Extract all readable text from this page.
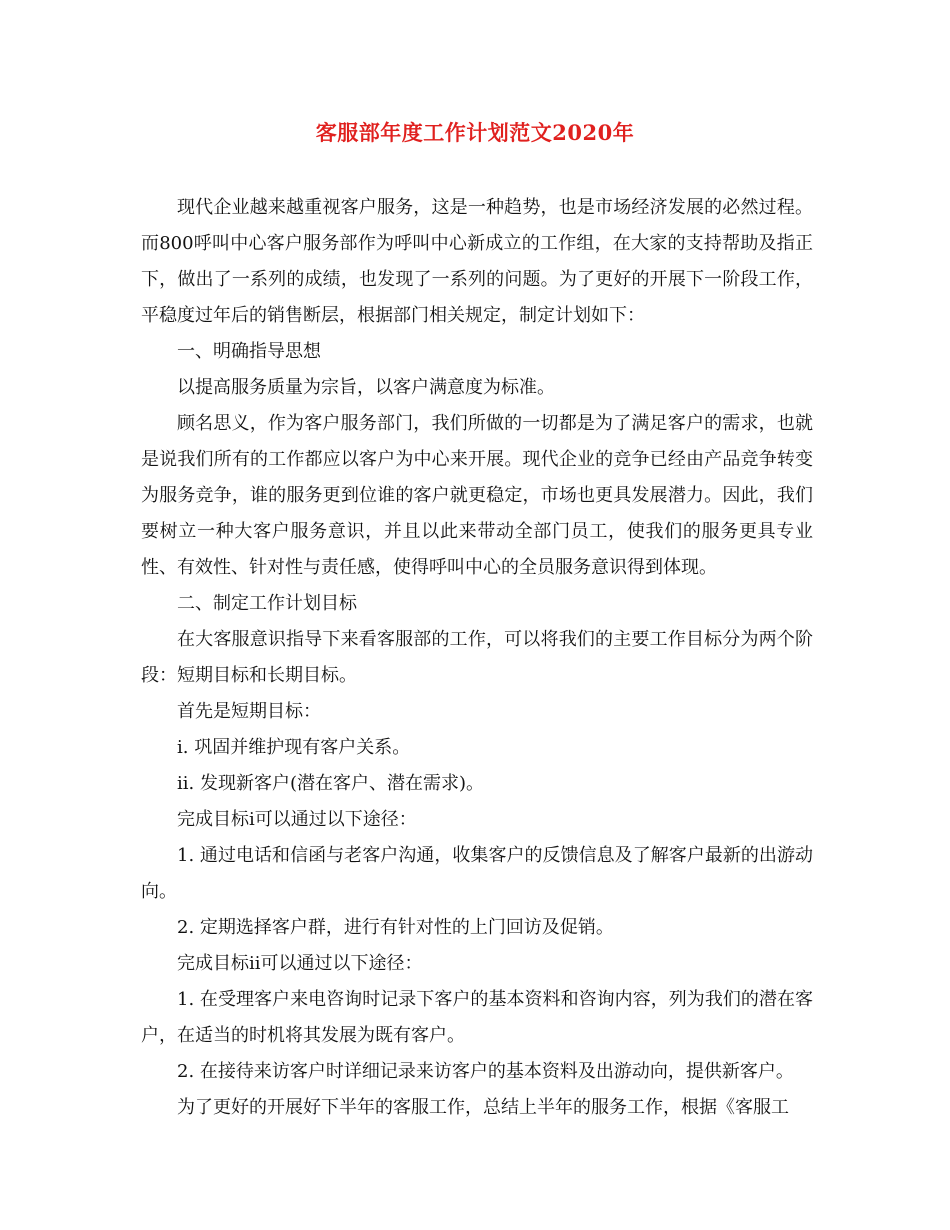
客服部年度工作计划范文2020年

现代企业越来越重视客户服务，这是一种趋势，也是市场经济发展的必然过程。而800呼叫中心客户服务部作为呼叫中心新成立的工作组，在大家的支持帮助及指正下，做出了一系列的成绩，也发现了一系列的问题。为了更好的开展下一阶段工作，平稳度过年后的销售断层，根据部门相关规定，制定计划如下：

一、明确指导思想

以提高服务质量为宗旨，以客户满意度为标准。

顾名思义，作为客户服务部门，我们所做的一切都是为了满足客户的需求，也就是说我们所有的工作都应以客户为中心来开展。现代企业的竞争已经由产品竞争转变为服务竞争，谁的服务更到位谁的客户就更稳定，市场也更具发展潜力。因此，我们要树立一种大客户服务意识，并且以此来带动全部门员工，使我们的服务更具专业性、有效性、针对性与责任感，使得呼叫中心的全员服务意识得到体现。

二、制定工作计划目标

在大客服意识指导下来看客服部的工作，可以将我们的主要工作目标分为两个阶段：短期目标和长期目标。

首先是短期目标：

i. 巩固并维护现有客户关系。

ii. 发现新客户(潜在客户、潜在需求)。

完成目标i可以通过以下途径：

1. 通过电话和信函与老客户沟通，收集客户的反馈信息及了解客户最新的出游动向。

2. 定期选择客户群，进行有针对性的上门回访及促销。

完成目标ii可以通过以下途径：

1. 在受理客户来电咨询时记录下客户的基本资料和咨询内容，列为我们的潜在客户，在适当的时机将其发展为既有客户。

2. 在接待来访客户时详细记录来访客户的基本资料及出游动向，提供新客户。

为了更好的开展好下半年的客服工作，总结上半年的服务工作，根据《客服工
